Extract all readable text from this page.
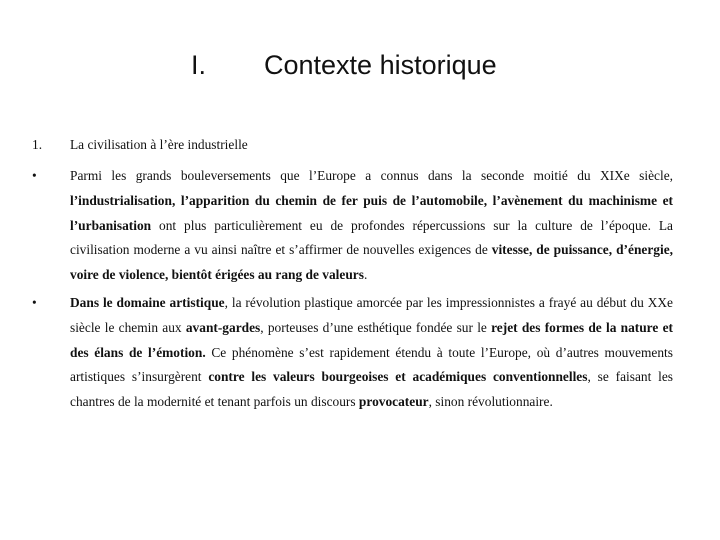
I. Contexte historique
1. La civilisation à l’ère industrielle
• Parmi les grands bouleversements que l’Europe a connus dans la seconde moitié du XIXe siècle, l’industrialisation, l’apparition du chemin de fer puis de l’automobile, l’avènement du machinisme et l’urbanisation ont plus particulièrement eu de profondes répercussions sur la culture de l’époque. La civilisation moderne a vu ainsi naître et s’affirmer de nouvelles exigences de vitesse, de puissance, d’énergie, voire de violence, bientôt érigées au rang de valeurs.

• Dans le domaine artistique, la révolution plastique amorcée par les impressionnistes a frayé au début du XXe siècle le chemin aux avant-gardes, porteuses d’une esthétique fondée sur le rejet des formes de la nature et des élans de l’émotion. Ce phénomène s’est rapidement étendu à toute l’Europe, où d’autres mouvements artistiques s’insurgèrent contre les valeurs bourgeoises et académiques conventionnelles, se faisant les chantres de la modernité et tenant parfois un discours provocateur, sinon révolutionnaire.
